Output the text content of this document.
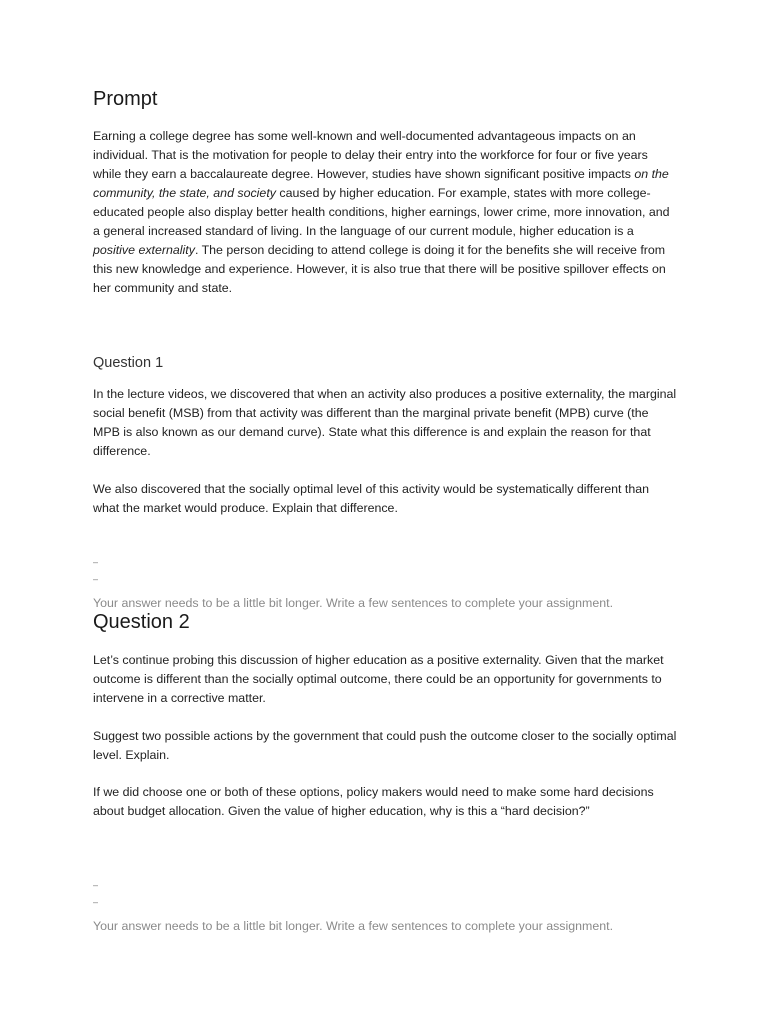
Prompt

Earning a college degree has some well-known and well-documented advantageous impacts on an individual. That is the motivation for people to delay their entry into the workforce for four or five years while they earn a baccalaureate degree. However, studies have shown significant positive impacts on the community, the state, and society caused by higher education. For example, states with more college-educated people also display better health conditions, higher earnings, lower crime, more innovation, and a general increased standard of living. In the language of our current module, higher education is a positive externality. The person deciding to attend college is doing it for the benefits she will receive from this new knowledge and experience. However, it is also true that there will be positive spillover effects on her community and state.

Question 1

In the lecture videos, we discovered that when an activity also produces a positive externality, the marginal social benefit (MSB) from that activity was different than the marginal private benefit (MPB) curve (the MPB is also known as our demand curve). State what this difference is and explain the reason for that difference.

We also discovered that the socially optimal level of this activity would be systematically different than what the market would produce. Explain that difference.

–
–

Your answer needs to be a little bit longer. Write a few sentences to complete your assignment.

Question 2

Let’s continue probing this discussion of higher education as a positive externality. Given that the market outcome is different than the socially optimal outcome, there could be an opportunity for governments to intervene in a corrective matter.

Suggest two possible actions by the government that could push the outcome closer to the socially optimal level. Explain.

If we did choose one or both of these options, policy makers would need to make some hard decisions about budget allocation. Given the value of higher education, why is this a “hard decision?”

–
–

Your answer needs to be a little bit longer. Write a few sentences to complete your assignment.
